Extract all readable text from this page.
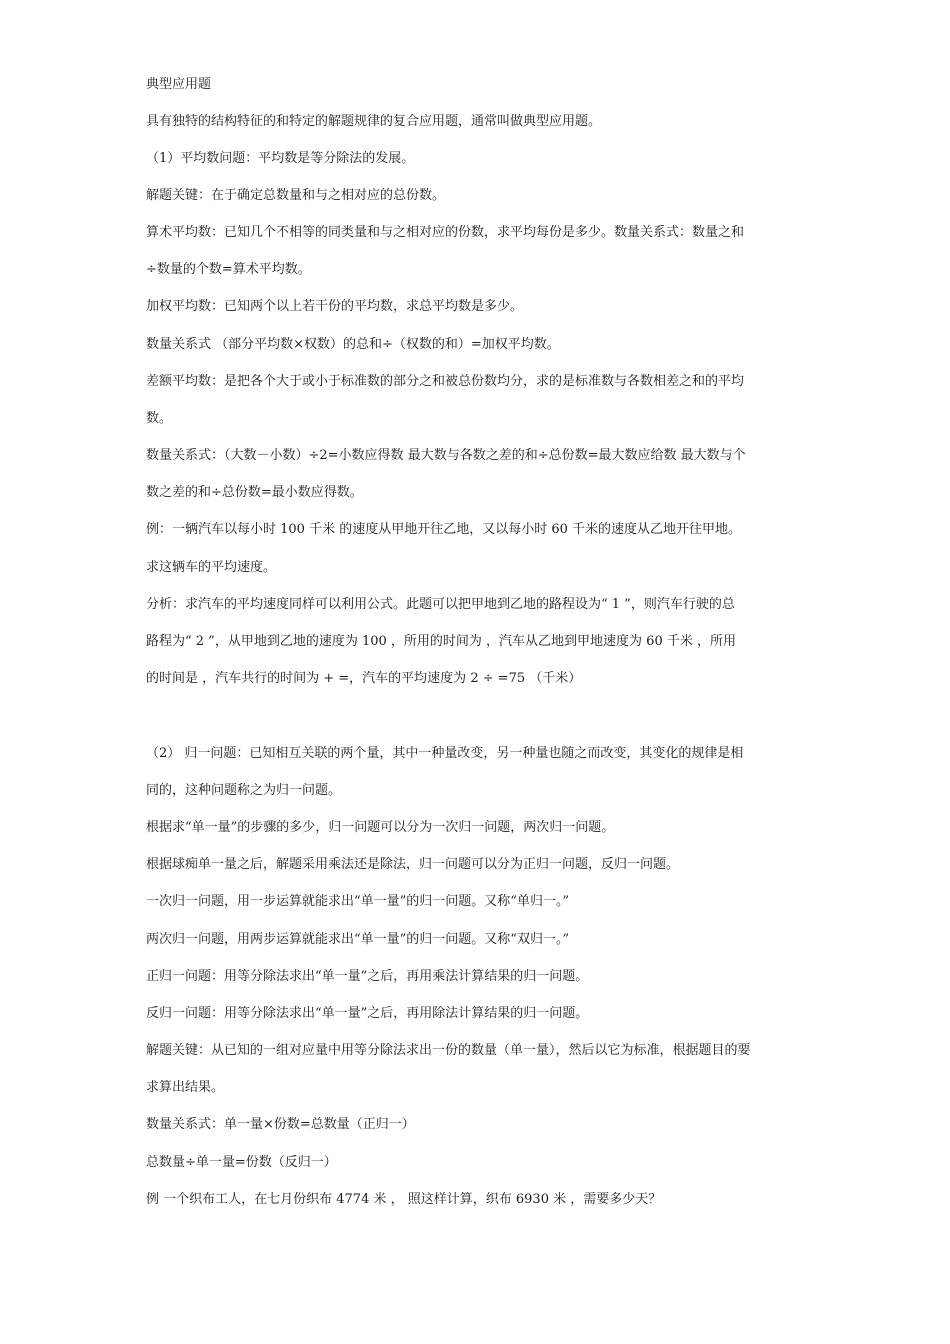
典型应用题
具有独特的结构特征的和特定的解题规律的复合应用题，通常叫做典型应用题。
（1）平均数问题：平均数是等分除法的发展。
解题关键：在于确定总数量和与之相对应的总份数。
算术平均数：已知几个不相等的同类量和与之相对应的份数，求平均每份是多少。数量关系式：数量之和
÷数量的个数=算术平均数。
加权平均数：已知两个以上若干份的平均数，求总平均数是多少。
数量关系式 （部分平均数×权数）的总和÷（权数的和）=加权平均数。
差额平均数：是把各个大于或小于标准数的部分之和被总份数均分，求的是标准数与各数相差之和的平均
数。
数量关系式：（大数－小数）÷2=小数应得数 最大数与各数之差的和÷总份数=最大数应给数 最大数与个
数之差的和÷总份数=最小数应得数。
例：一辆汽车以每小时 100 千米 的速度从甲地开往乙地，又以每小时 60 千米的速度从乙地开往甲地。
求这辆车的平均速度。
分析：求汽车的平均速度同样可以利用公式。此题可以把甲地到乙地的路程设为“ 1 ”，则汽车行驶的总
路程为“ 2 ”，从甲地到乙地的速度为 100 ，所用的时间为 ，汽车从乙地到甲地速度为 60 千米 ，所用
的时间是 ，汽车共行的时间为 + =，汽车的平均速度为 2 ÷ =75 （千米）
（2） 归一问题：已知相互关联的两个量，其中一种量改变，另一种量也随之而改变，其变化的规律是相
同的，这种问题称之为归一问题。
根据求“单一量”的步骤的多少，归一问题可以分为一次归一问题，两次归一问题。
根据球痴单一量之后，解题采用乘法还是除法，归一问题可以分为正归一问题，反归一问题。
一次归一问题，用一步运算就能求出“单一量”的归一问题。又称“单归一。”
两次归一问题，用两步运算就能求出“单一量”的归一问题。又称“双归一。”
正归一问题：用等分除法求出“单一量”之后，再用乘法计算结果的归一问题。
反归一问题：用等分除法求出“单一量”之后，再用除法计算结果的归一问题。
解题关键：从已知的一组对应量中用等分除法求出一份的数量（单一量），然后以它为标准，根据题目的要
求算出结果。
数量关系式：单一量×份数=总数量（正归一）
总数量÷单一量=份数（反归一）
例 一个织布工人，在七月份织布 4774 米 ， 照这样计算，织布 6930 米 ，需要多少天？
